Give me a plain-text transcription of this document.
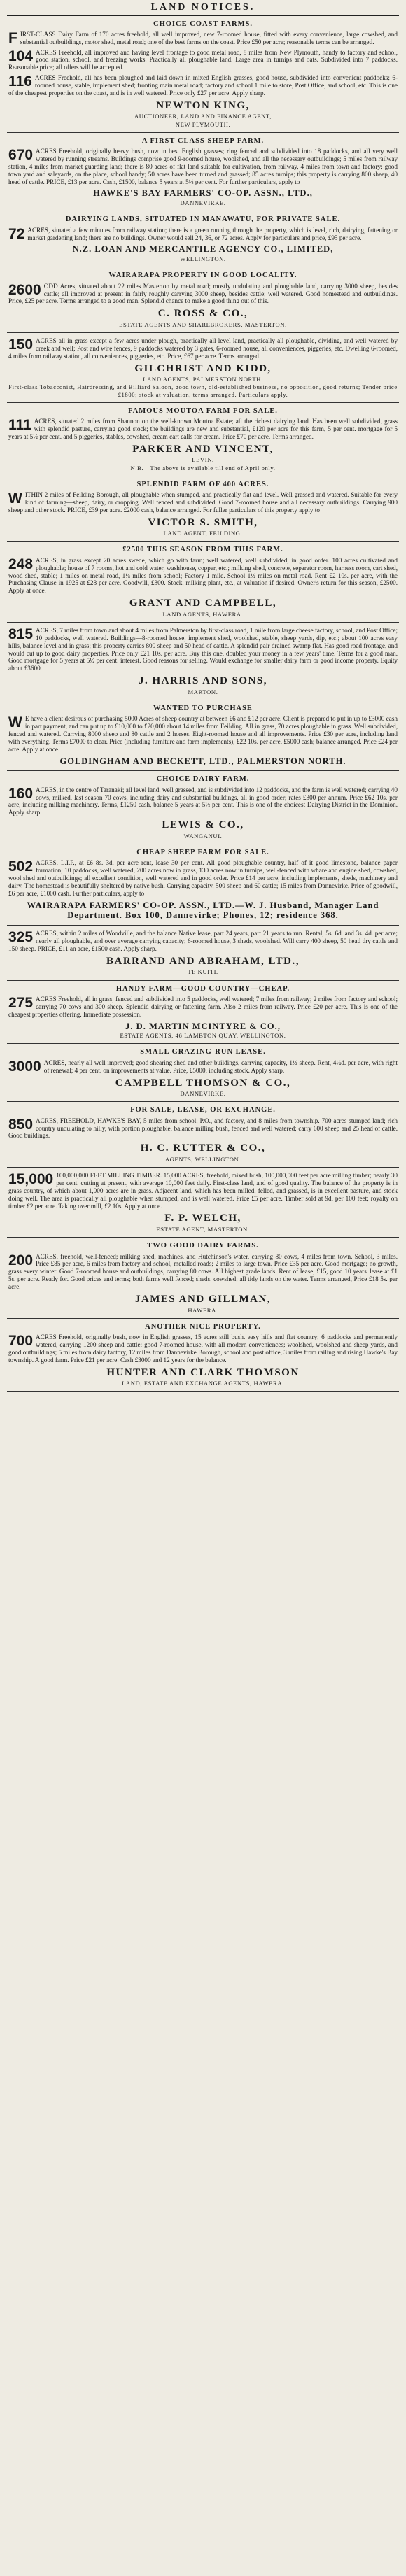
LAND NOTICES.
CHOICE COAST FARMS.

FIRST-CLASS Dairy Farm of 170 acres freehold, all well improved, new 7-roomed house, fitted with every convenience, large cowshed, and substantial outbuildings, motor shed, metal road; one of the best farms on the coast. Price £50 per acre; reasonable terms can be arranged.

104 ACRES Freehold, all improved and having level frontage to good metal road, 8 miles from New Plymouth, handy to factory and school, good station, school, and freezing works. Practically all ploughable land. Large area in turnips and oats. Subdivided into 7 paddocks. Reasonable price; all offers will be accepted.

116 ACRES Freehold, all has been ploughed and laid down in mixed English grasses, good house, subdivided into convenient paddocks; 6-roomed house, stable, implement shed; fronting main metal road; factory and school 1 mile to store, Post Office, and school, etc. This is one of the cheapest properties on the coast, and is in well watered. Price only £27 per acre. Apply sharp.

NEWTON KING,
AUCTIONEER, LAND AND FINANCE AGENT,
NEW PLYMOUTH.
A FIRST-CLASS SHEEP FARM.

670 ACRES Freehold, originally heavy bush, now in best English grasses; ring fenced and subdivided into 18 paddocks, and all very well watered by running streams. Buildings comprise good 9-roomed house, woolshed, and all the necessary outbuildings; 5 miles from railway station, 4 miles from market guarding land; there is 80 acres of flat land suitable for cultivation, from railway, 4 miles from town and factory; good town yard and saleyards, on the place, school handy; 50 acres have been turned and grassed; 85 acres turnips; this property is carrying 800 sheep, 40 head of cattle. PRICE, £13 per acre. Cash, £1500, balance 5 years at 5½ per cent. For further particulars, apply to

HAWKE'S BAY FARMERS' CO-OP. ASSN., LTD.,
DANNEVIRKE.
DAIRYING LANDS, SITUATED IN MANAWATU, FOR PRIVATE SALE.

72 ACRES, situated a few minutes from railway station; there is a green running through the property, which is level, rich, dairying, fattening or market gardening land; there are no buildings. Owner would sell 24, 36, or 72 acres. Apply for particulars and price, £95 per acre.

N.Z. LOAN AND MERCANTILE AGENCY CO., LIMITED,
WELLINGTON.
WAIRARAPA PROPERTY IN GOOD LOCALITY.

2600 ODD Acres, situated about 22 miles Masterton by metal road; mostly undulating and ploughable land, carrying 3000 sheep, besides cattle; all improved at present in fairly roughly carrying 3000 sheep, besides cattle; well watered. Good homestead and outbuildings. Price, £25 per acre. Terms arranged to a good man. Splendid chance to make a good thing out of this.

C. ROSS & CO.,
ESTATE AGENTS AND SHAREBROKERS, MASTERTON.

150 ACRES all in grass except a few acres under plough, practically all level land, practically all ploughable, dividing, and well watered by creek and well; Post and wire fences, 9 paddocks watered by 3 gates, 6-roomed house, all conveniences, piggeries, etc. Dwelling 6-roomed, 4 miles from railway station, all conveniences, piggeries, etc. Price, £67 per acre. Terms arranged.

GILCHRIST AND KIDD,
LAND AGENTS, PALMERSTON NORTH.
First-class Tobacconist, Hairdressing, and Billiard Saloon, good town, old-established business, no opposition, good returns; Tender price £1800; stock at valuation, terms arranged. Particulars apply.
FAMOUS MOUTOA FARM FOR SALE.

111 ACRES, situated 2 miles from Shannon on the well-known Moutoa Estate; all the richest dairying land. Has been well subdivided, grass with splendid pasture, carrying good stock; the buildings are new and substantial, £120 per acre for this farm, 5 per cent. mortgage for 5 years at 5½ per cent. and 5 piggeries, stables, cowshed, cream cart calls for cream. Price £70 per acre. Terms arranged.

PARKER AND VINCENT,
LEVIN.
N.B.—The above is available till end of April only.
SPLENDID FARM OF 400 ACRES.

WITHIN 2 miles of Feilding Borough, all ploughable when stumped, and practically flat and level. Well grassed and watered. Suitable for every kind of farming—sheep, dairy, or cropping. Well fenced and subdivided. Good 7-roomed house and all necessary outbuildings. Carrying 900 sheep and other stock. PRICE, £39 per acre. £2000 cash, balance arranged. For fuller particulars of this property apply to

VICTOR S. SMITH,
LAND AGENT, FEILDING.
£2500 THIS SEASON FROM THIS FARM.

248 ACRES, in grass except 20 acres swede, which go with farm; well watered, well subdivided, in good order. 100 acres cultivated and ploughable; house of 7 rooms, hot and cold water, washhouse, copper, etc.; milking shed, concrete, separator room, harness room, cart shed, wood shed, stable; 1 miles on metal road, 1¼ miles from school; Factory 1 mile. School 1½ miles on metal road. Rent £2 10s. per acre, with the Purchasing Clause in 1925 at £28 per acre. Goodwill, £300. Stock, milking plant, etc., at valuation if desired. Owner's return for this season, £2500. Apply at once.

GRANT AND CAMPBELL,
LAND AGENTS, HAWERA.

815 ACRES, 7 miles from town and about 4 miles from Palmerston by first-class road, 1 mile from large cheese factory, school, and Post Office; 10 paddocks, well watered. Buildings—8-roomed house, implement shed, woolshed, stable, sheep yards, dip, etc.; about 100 acres easy hills, balance level and in grass; this property carries 800 sheep and 50 head of cattle. A splendid pair drained swamp flat. Has good road frontage, and would cut up to good dairy properties. Price only £21 10s. per acre. Buy this one, doubled your money in a few years' time. Terms for a good man. Good mortgage for 5 years at 5½ per cent. interest. Good reasons for selling. Would exchange for smaller dairy farm or good income property. Equity about £3600.

J. HARRIS AND SONS,
MARTON.
WANTED TO PURCHASE

W E have a client desirous of purchasing 5000 Acres of sheep country at between £6 and £12 per acre. Client is prepared to put in up to £3000 cash in part payment, and can put up to £10,000 to £20,000 about 14 miles from Feilding. All in grass, 70 acres ploughable in grass. Well subdivided, fenced and watered. Carrying 8000 sheep and 80 cattle and 2 horses. Eight-roomed house and all improvements. Price £30 per acre, including land with everything. Terms £7000 to clear. Price (including furniture and farm implements), £22 10s. per acre, £5000 cash; balance arranged. Price £24 per acre. Apply at once.

GOLDINGHAM AND BECKETT, LTD., PALMERSTON NORTH.
CHOICE DAIRY FARM.

160 ACRES, in the centre of Taranaki; all level land, well grassed, and is subdivided into 12 paddocks, and the farm is well watered; carrying 40 cows, milked, last season 70 cows, including dairy and substantial buildings, all in good order; rates £300 per annum. Price £62 10s. per acre, including milking machinery. Terms, £1250 cash, balance 5 years at 5½ per cent. This is one of the choicest Dairying District in the Dominion. Apply sharp.

LEWIS & CO.,
WANGANUI.
CHEAP SHEEP FARM FOR SALE.

502 ACRES, L.I.P., at £6 8s. 3d. per acre rent, lease 30 per cent. All good ploughable country, half of it good limestone, balance paper formation; 10 paddocks, well watered, 200 acres now in grass, 130 acres now in turnips, well-fenced with whare and engine shed, cowshed, wool shed and outbuildings; all excellent condition, well watered and in good order. Price £14 per acre, including implements, sheds, machinery and dairy. The homestead is beautifully sheltered by native bush. Carrying capacity, 500 sheep and 60 cattle; 15 miles from Dannevirke. Price of goodwill, £6 per acre, £1000 cash. Further particulars, apply to

WAIRARAPA FARMERS' CO-OP. ASSN., LTD.—W. J. Husband, Manager Land Department. Box 100, Dannevirke; Phones, 12; residence 368.

325 ACRES, within 2 miles of Woodville, and the balance Native lease, part 24 years, part 21 years to run. Rental, 5s. 6d. and 3s. 4d. per acre; nearly all ploughable, and over average carrying capacity; 6-roomed house, 3 sheds, woolshed. Will carry 400 sheep, 50 head dry cattle and 150 sheep. PRICE, £11 an acre, £1500 cash. Apply sharp.

BARRAND AND ABRAHAM, LTD.,
TE KUITI.
HANDY FARM—GOOD COUNTRY—CHEAP.

275 ACRES Freehold, all in grass, fenced and subdivided into 5 paddocks, well watered; 7 miles from railway; 2 miles from factory and school; carrying 70 cows and 300 sheep. Splendid dairying or fattening farm. Also 2 miles from railway. Price £20 per acre. This is one of the cheapest properties offering. Immediate possession.

J. D. MARTIN MCINTYRE & CO.,
ESTATE AGENTS, 46 LAMBTON QUAY, WELLINGTON.
SMALL GRAZING-RUN LEASE.

3000 ACRES, nearly all well improved; good shearing shed and other buildings, carrying capacity, 1½ sheep. Rent, 4¼d. per acre, with right of renewal; 4 per cent. on improvements at value. Price, £5000, including stock. Apply sharp.

CAMPBELL THOMSON & CO.,
DANNEVIRKE.
FOR SALE, LEASE, OR EXCHANGE.

850 ACRES, FREEHOLD, HAWKE'S BAY, 5 miles from school, P.O., and factory, and 8 miles from township. 700 acres stumped land; rich country undulating to hilly, with portion ploughable, balance milling bush, fenced and well watered; carry 600 sheep and 25 head of cattle. Good buildings.

H. C. RUTTER & CO.,
AGENTS, WELLINGTON.

15,000 100,000,000 FEET MILLING TIMBER. 15,000 ACRES, freehold, mixed bush, 100,000,000 feet per acre milling timber; nearly 30 per cent. cutting at present, with average 10,000 feet daily. First-class land, and of good quality. The balance of the property is in grass country, of which about 1,000 acres are in grass. Adjacent land, which has been milled, felled, and grassed, is in excellent pasture, and stock doing well. The area is practically all ploughable when stumped, and is well watered. Price £5 per acre. Timber sold at 9d. per 100 feet; royalty on timber £2 per acre. Taking over mill, £2 10s. Apply at once.

F. P. WELCH,
ESTATE AGENT, MASTERTON.
TWO GOOD DAIRY FARMS.

200 ACRES, freehold, well-fenced; milking shed, machines, and Hutchinson's water, carrying 80 cows, 4 miles from town. School, 3 miles. Price £85 per acre, 6 miles from factory and school, metalled roads; 2 miles to large town. Price £35 per acre. Good mortgage; no growth, grass every winter. Good 7-roomed house and outbuildings, carrying 80 cows. All highest grade lands. Rent of lease, £15, good 10 years' lease at £1 5s. per acre. Ready for. Good prices and terms; both farms well fenced; sheds, cowshed; all tidy lands on the water. Terms arranged, Price £18 5s. per acre.

JAMES AND GILLMAN,
HAWERA.
ANOTHER NICE PROPERTY.

700 ACRES Freehold, originally bush, now in English grasses, 15 acres still bush. easy hills and flat country; 6 paddocks and permanently watered, carrying 1200 sheep and cattle; good 7-roomed house, with all modern conveniences; woolshed, woolshed and sheep yards, and good outbuildings; 5 miles from dairy factory, 12 miles from Dannevirke Borough, school and post office, 3 miles from railing and rising Hawke's Bay township. A good farm. Price £21 per acre. Cash £3000 and 12 years for the balance.

HUNTER AND CLARK THOMSON
LAND, ESTATE AND EXCHANGE AGENTS, HAWERA.
